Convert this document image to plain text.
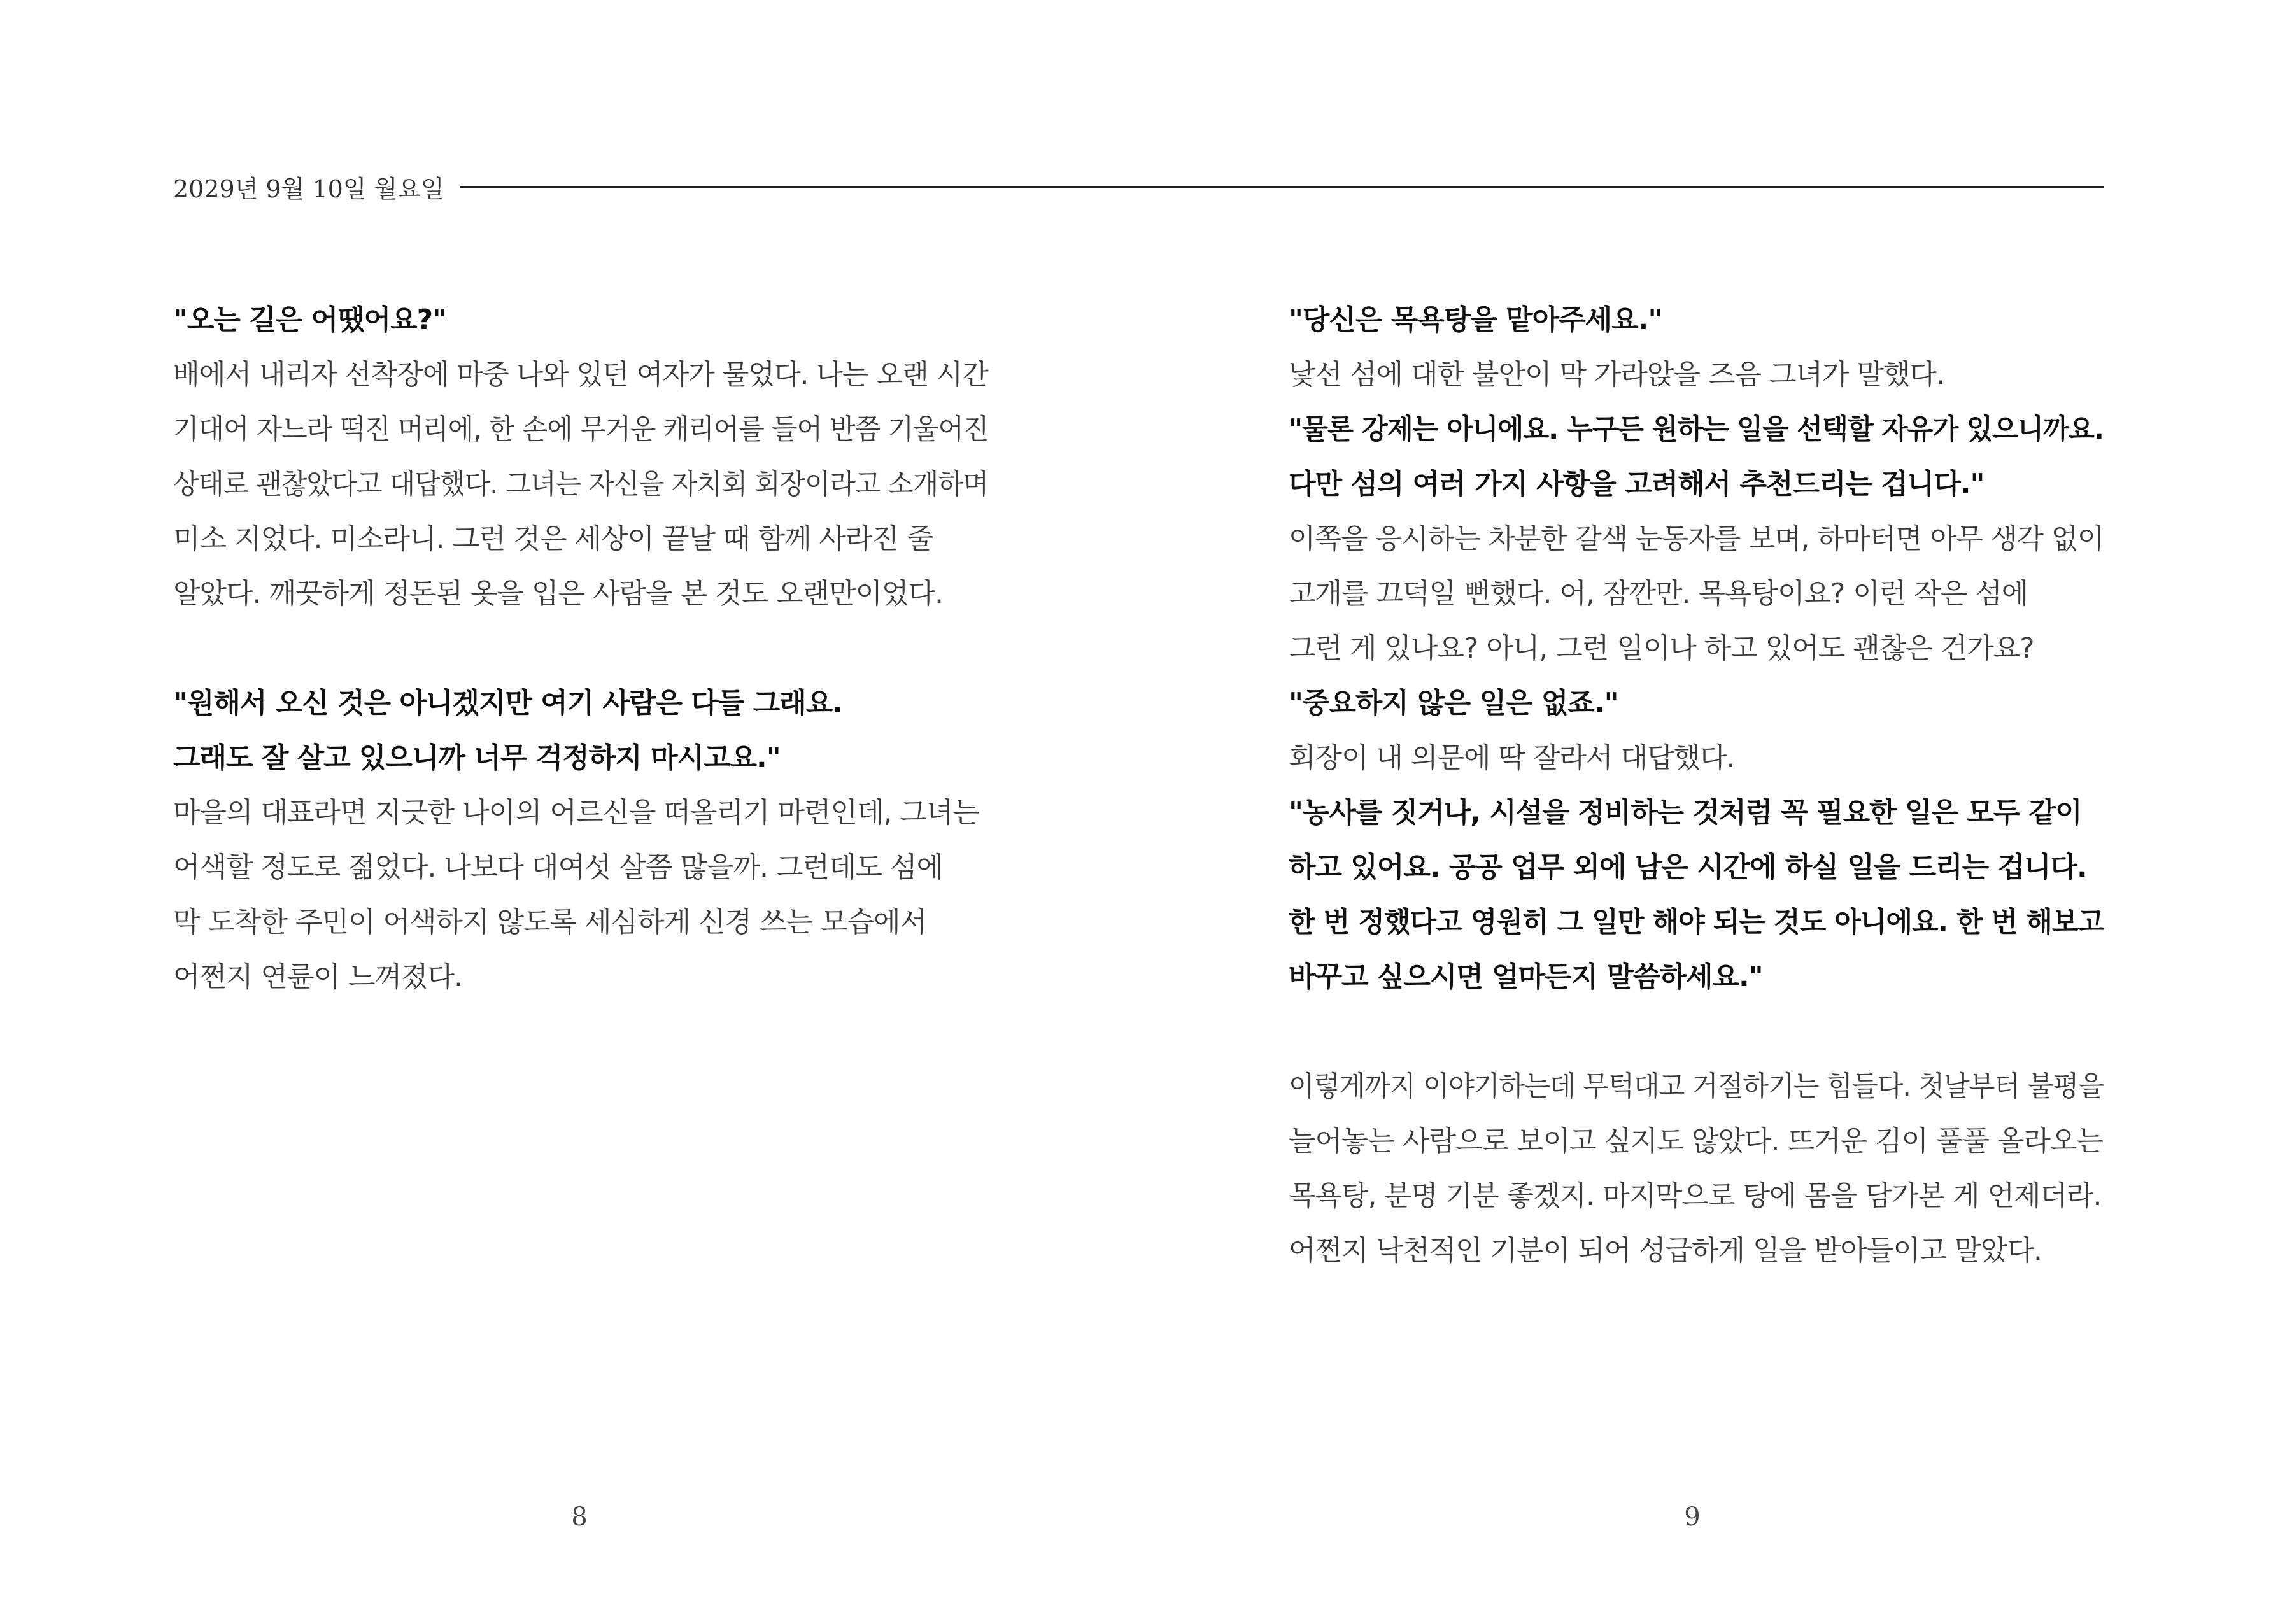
2029년 9월 10일 월요일
"오는 길은 어땠어요?"
배에서 내리자 선착장에 마중 나와 있던 여자가 물었다. 나는 오랜 시간
기대어 자느라 떡진 머리에, 한 손에 무거운 캐리어를 들어 반쯤 기울어진
상태로 괜찮았다고 대답했다. 그녀는 자신을 자치회 회장이라고 소개하며
미소 지었다. 미소라니. 그런 것은 세상이 끝날 때 함께 사라진 줄
알았다. 깨끗하게 정돈된 옷을 입은 사람을 본 것도 오랜만이었다.
"원해서 오신 것은 아니겠지만 여기 사람은 다들 그래요.
그래도 잘 살고 있으니까 너무 걱정하지 마시고요."
마을의 대표라면 지긋한 나이의 어르신을 떠올리기 마련인데, 그녀는
어색할 정도로 젊었다. 나보다 대여섯 살쯤 많을까. 그런데도 섬에
막 도착한 주민이 어색하지 않도록 세심하게 신경 쓰는 모습에서
어쩐지 연륜이 느껴졌다.
"당신은 목욕탕을 맡아주세요."
낯선 섬에 대한 불안이 막 가라앉을 즈음 그녀가 말했다.
"물론 강제는 아니에요. 누구든 원하는 일을 선택할 자유가 있으니까요.
다만 섬의 여러 가지 사항을 고려해서 추천드리는 겁니다."
이쪽을 응시하는 차분한 갈색 눈동자를 보며, 하마터면 아무 생각 없이
고개를 끄덕일 뻔했다. 어, 잠깐만. 목욕탕이요? 이런 작은 섬에
그런 게 있나요? 아니, 그런 일이나 하고 있어도 괜찮은 건가요?
"중요하지 않은 일은 없죠."
회장이 내 의문에 딱 잘라서 대답했다.
"농사를 짓거나, 시설을 정비하는 것처럼 꼭 필요한 일은 모두 같이
하고 있어요. 공공 업무 외에 남은 시간에 하실 일을 드리는 겁니다.
한 번 정했다고 영원히 그 일만 해야 되는 것도 아니에요. 한 번 해보고
바꾸고 싶으시면 얼마든지 말씀하세요."
이렇게까지 이야기하는데 무턱대고 거절하기는 힘들다. 첫날부터 불평을
늘어놓는 사람으로 보이고 싶지도 않았다. 뜨거운 김이 풀풀 올라오는
목욕탕, 분명 기분 좋겠지. 마지막으로 탕에 몸을 담가본 게 언제더라.
어쩐지 낙천적인 기분이 되어 성급하게 일을 받아들이고 말았다.
8	9
